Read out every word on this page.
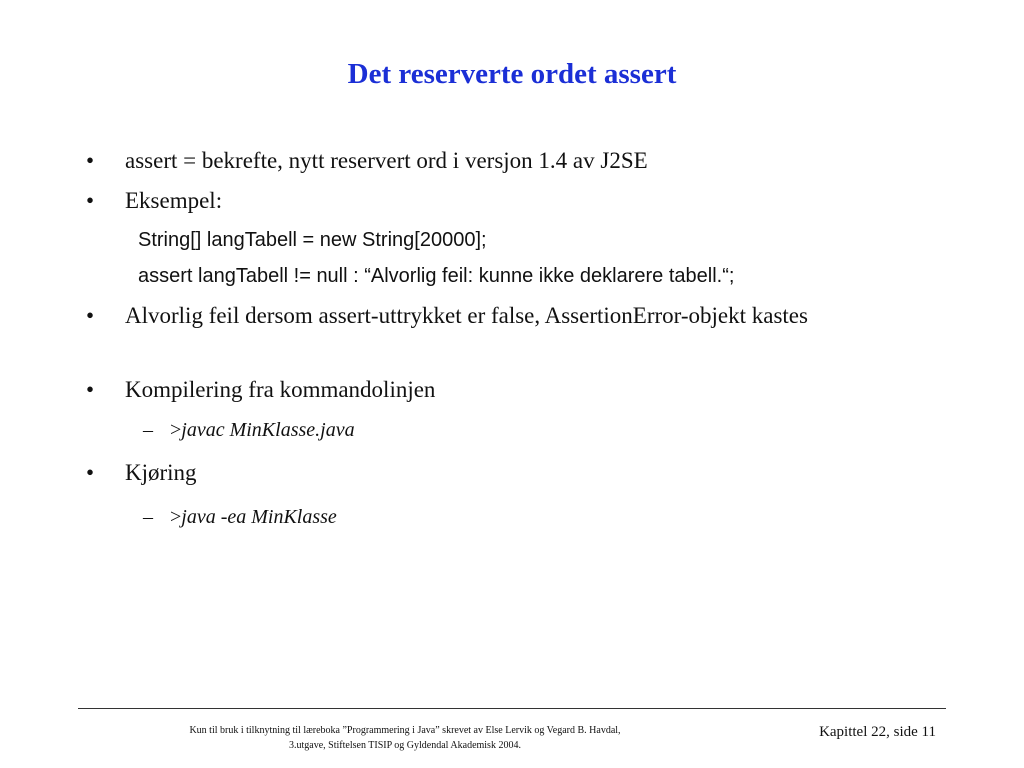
Det reserverte ordet assert
• assert = bekrefte, nytt reservert ord i versjon 1.4 av J2SE
• Eksempel:
String[] langTabell = new String[20000];
assert langTabell != null : “Alvorlig feil: kunne ikke deklarere tabell.“;
• Alvorlig feil dersom assert-uttrykket er false, AssertionError-objekt kastes
• Kompilering fra kommandolinjen
– >javac MinKlasse.java
• Kjøring
– >java -ea MinKlasse
Kun til bruk i tilknytning til læreboka ”Programmering i Java” skrevet av Else Lervik og Vegard B. Havdal,
3.utgave, Stiftelsen TISIP og Gyldendal Akademisk 2004.
Kapittel 22, side 11
